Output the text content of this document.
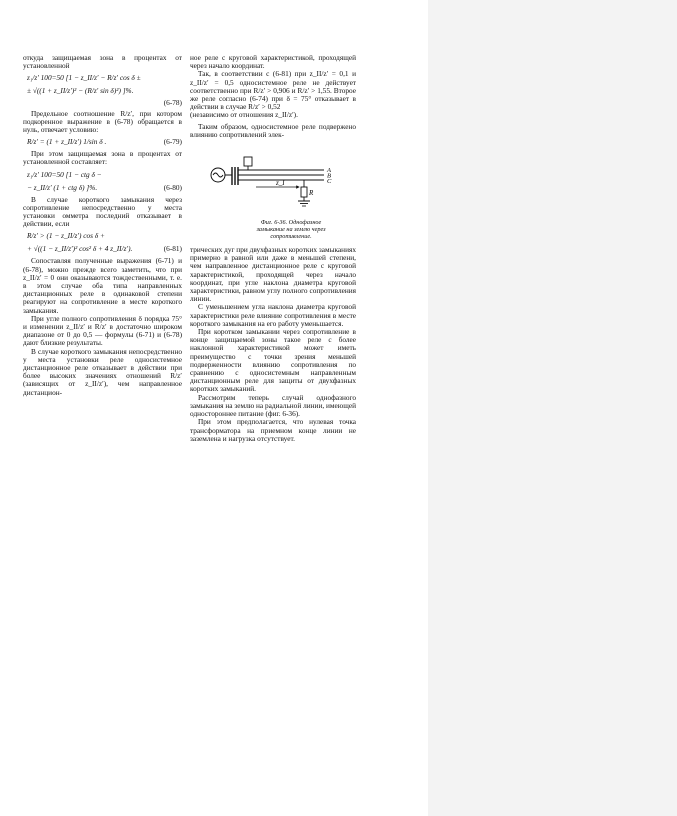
откуда защищаемая зона в процентах от установленной

z₁/z′ 100=50 [1 − z_II/z′ − R/z′ cos δ ±
± √((1 + z_II/z′)² − (R/z′ sin δ)²) ]%.
(6-78)

Предельное соотношение R/z′, при котором подкоренное выражение в (6-78) обращается в нуль, отвечает условию:

R/z′ = (1 + z_II/z′) 1/sin δ .	(6-79)

При этом защищаемая зона в процентах от установленной составляет:

z₁/z′ 100=50 [1 − ctg δ −
− z_II/z′ (1 + ctg δ) ]%.	(6-80)

В случае короткого замыкания через сопротивление непосредственно у места установки омметра последний отказывает в действии, если

R/z′ > (1 − z_II/z′) cos δ +
+ √((1 − z_II/z′)² cos² δ + 4 z_II/z′).	(6-81)

Сопоставляя полученные выражения (6-71) и (6-78), можно прежде всего заметить, что при z_II/z′ = 0 они оказываются тождественными, т. е. в этом случае оба типа направленных дистанционных реле в одинаковой степени реагируют на сопротивление в месте короткого замыкания.

При угле полного сопротивления δ порядка 75° и изменении z_II/z′ и R/z′ в достаточно широком диапазоне от 0 до 0,5 — формулы (6-71) и (6-78) дают близкие результаты.

В случае короткого замыкания непосредственно у места установки реле односистемное дистанционное реле отказывает в действии при более высоких значениях отношений R/z′ (зависящих от z_II/z′), чем направленное дистанцион-

ное реле с круговой характеристикой, проходящей через начало координат.

Так, в соответствии с (6-81) при z_II/z′ = 0,1 и z_II/z′ = 0,5 односистемное реле не действует соответственно при R/z′ > 0,906 и R/z′ > 1,55. Второе же реле согласно (6-74) при δ = 75° отказывает в действии в случае R/z′ > 0,52

(независимо от отношения z_II/z′).

Таким образом, односистемное реле подвержено влиянию сопротивлений элек-

z_I
R
A
B
C

Фиг. 6-36. Однофазное замыкание на землю через сопротивление.

трических дуг при двухфазных коротких замыканиях примерно в равной или даже в меньшей степени, чем направленное дистанционное реле с круговой характеристикой, проходящей через начало координат, при угле наклона диаметра круговой характеристики, равном углу полного сопротивления линии.

С уменьшением угла наклона диаметра круговой характеристики реле влияние сопротивления в месте короткого замыкания на его работу уменьшается.

При коротком замыкании через сопротивление в конце защищаемой зоны такое реле с более наклонной характеристикой может иметь преимущество с точки зрения меньшей подверженности влиянию сопротивления по сравнению с односистемным направленным дистанционным реле для защиты от двухфазных коротких замыканий.

Рассмотрим теперь случай однофазного замыкания на землю на радиальной линии, имеющей одностороннее питание (фиг. 6-36).

При этом предполагается, что нулевая точка трансформатора на приемном конце линии не заземлена и нагрузка отсутствует.
